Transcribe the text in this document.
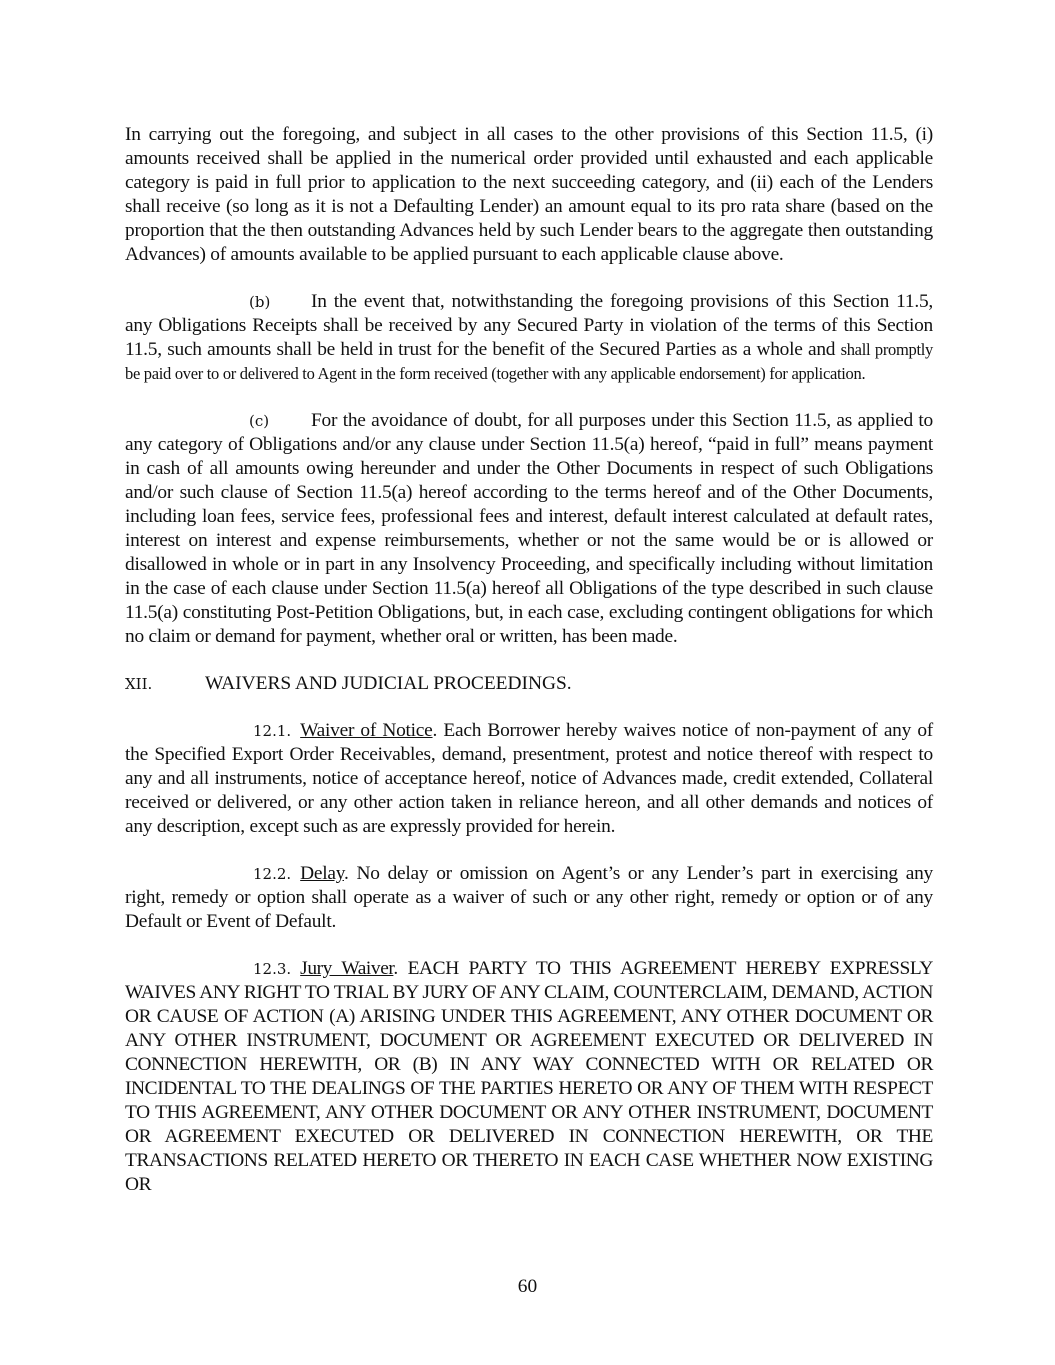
In carrying out the foregoing, and subject in all cases to the other provisions of this Section 11.5, (i) amounts received shall be applied in the numerical order provided until exhausted and each applicable category is paid in full prior to application to the next succeeding category, and (ii) each of the Lenders shall receive (so long as it is not a Defaulting Lender) an amount equal to its pro rata share (based on the proportion that the then outstanding Advances held by such Lender bears to the aggregate then outstanding Advances) of amounts available to be applied pursuant to each applicable clause above.

(b) In the event that, notwithstanding the foregoing provisions of this Section 11.5, any Obligations Receipts shall be received by any Secured Party in violation of the terms of this Section 11.5, such amounts shall be held in trust for the benefit of the Secured Parties as a whole and shall promptly be paid over to or delivered to Agent in the form received (together with any applicable endorsement) for application.

(c) For the avoidance of doubt, for all purposes under this Section 11.5, as applied to any category of Obligations and/or any clause under Section 11.5(a) hereof, “paid in full” means payment in cash of all amounts owing hereunder and under the Other Documents in respect of such Obligations and/or such clause of Section 11.5(a) hereof according to the terms hereof and of the Other Documents, including loan fees, service fees, professional fees and interest, default interest calculated at default rates, interest on interest and expense reimbursements, whether or not the same would be or is allowed or disallowed in whole or in part in any Insolvency Proceeding, and specifically including without limitation in the case of each clause under Section 11.5(a) hereof all Obligations of the type described in such clause 11.5(a) constituting Post-Petition Obligations, but, in each case, excluding contingent obligations for which no claim or demand for payment, whether oral or written, has been made.

XII.	WAIVERS AND JUDICIAL PROCEEDINGS.

12.1. Waiver of Notice. Each Borrower hereby waives notice of non-payment of any of the Specified Export Order Receivables, demand, presentment, protest and notice thereof with respect to any and all instruments, notice of acceptance hereof, notice of Advances made, credit extended, Collateral received or delivered, or any other action taken in reliance hereon, and all other demands and notices of any description, except such as are expressly provided for herein.

12.2. Delay. No delay or omission on Agent’s or any Lender’s part in exercising any right, remedy or option shall operate as a waiver of such or any other right, remedy or option or of any Default or Event of Default.

12.3. Jury Waiver. EACH PARTY TO THIS AGREEMENT HEREBY EXPRESSLY WAIVES ANY RIGHT TO TRIAL BY JURY OF ANY CLAIM, COUNTERCLAIM, DEMAND, ACTION OR CAUSE OF ACTION (A) ARISING UNDER THIS AGREEMENT, ANY OTHER DOCUMENT OR ANY OTHER INSTRUMENT, DOCUMENT OR AGREEMENT EXECUTED OR DELIVERED IN CONNECTION HEREWITH, OR (B) IN ANY WAY CONNECTED WITH OR RELATED OR INCIDENTAL TO THE DEALINGS OF THE PARTIES HERETO OR ANY OF THEM WITH RESPECT TO THIS AGREEMENT, ANY OTHER DOCUMENT OR ANY OTHER INSTRUMENT, DOCUMENT OR AGREEMENT EXECUTED OR DELIVERED IN CONNECTION HEREWITH, OR THE TRANSACTIONS RELATED HERETO OR THERETO IN EACH CASE WHETHER NOW EXISTING OR

60
